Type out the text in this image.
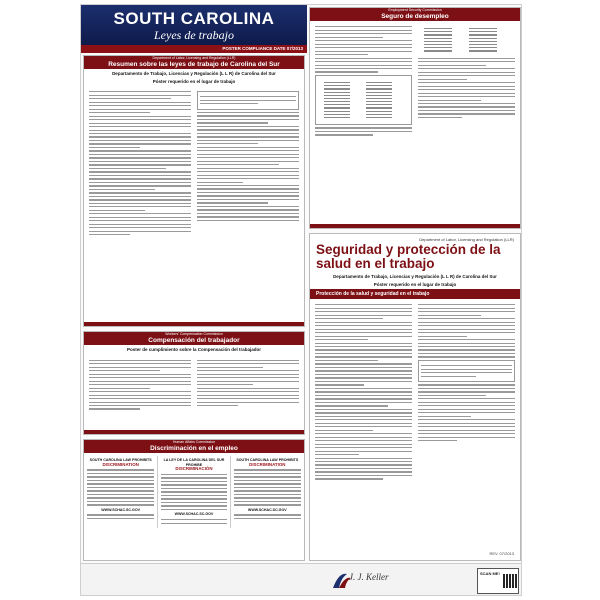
SOUTH CAROLINA
Leyes de trabajo
POSTER COMPLIANCE DATE 07/2013
Department of Labor, Licensing and Regulation (LLR)
Resumen sobre las leyes de trabajo de Carolina del Sur
Departamento de Trabajo, Licencias y Regulación (L L R) de Carolina del Sur
Póster requerido en el lugar de trabajo
Employment Security Commission
Seguro de desempleo
Workers' Compensation Commission
Compensación del trabajador
Poster de cumplimiento sobre la Compensación del trabajador
Human Affairs Commission
Discriminación en el empleo
SOUTH CAROLINA LAW PROHIBITS
DISCRIMINATION
WWW.SCHAC.SC.GOV
LA LEY DE LA CAROLINA DEL SUR PROHIBE
DISCRIMINACIÓN
WWW.SCHAC.SC.GOV
SOUTH CAROLINA LAW PROHIBITS
DISCRIMINATION
WWW.SCHAC.SC.GOV
Department of Labor, Licensing and Regulation (LLR)
Seguridad y protección de la salud en el trabajo
Departamento de Trabajo, Licencias y Regulación (L L R) de Carolina del Sur
Póster requerido en el lugar de trabajo
Protección de la salud y seguridad en el trabajo
REV. 07/2013
J. J. Keller	SCAN ME!
